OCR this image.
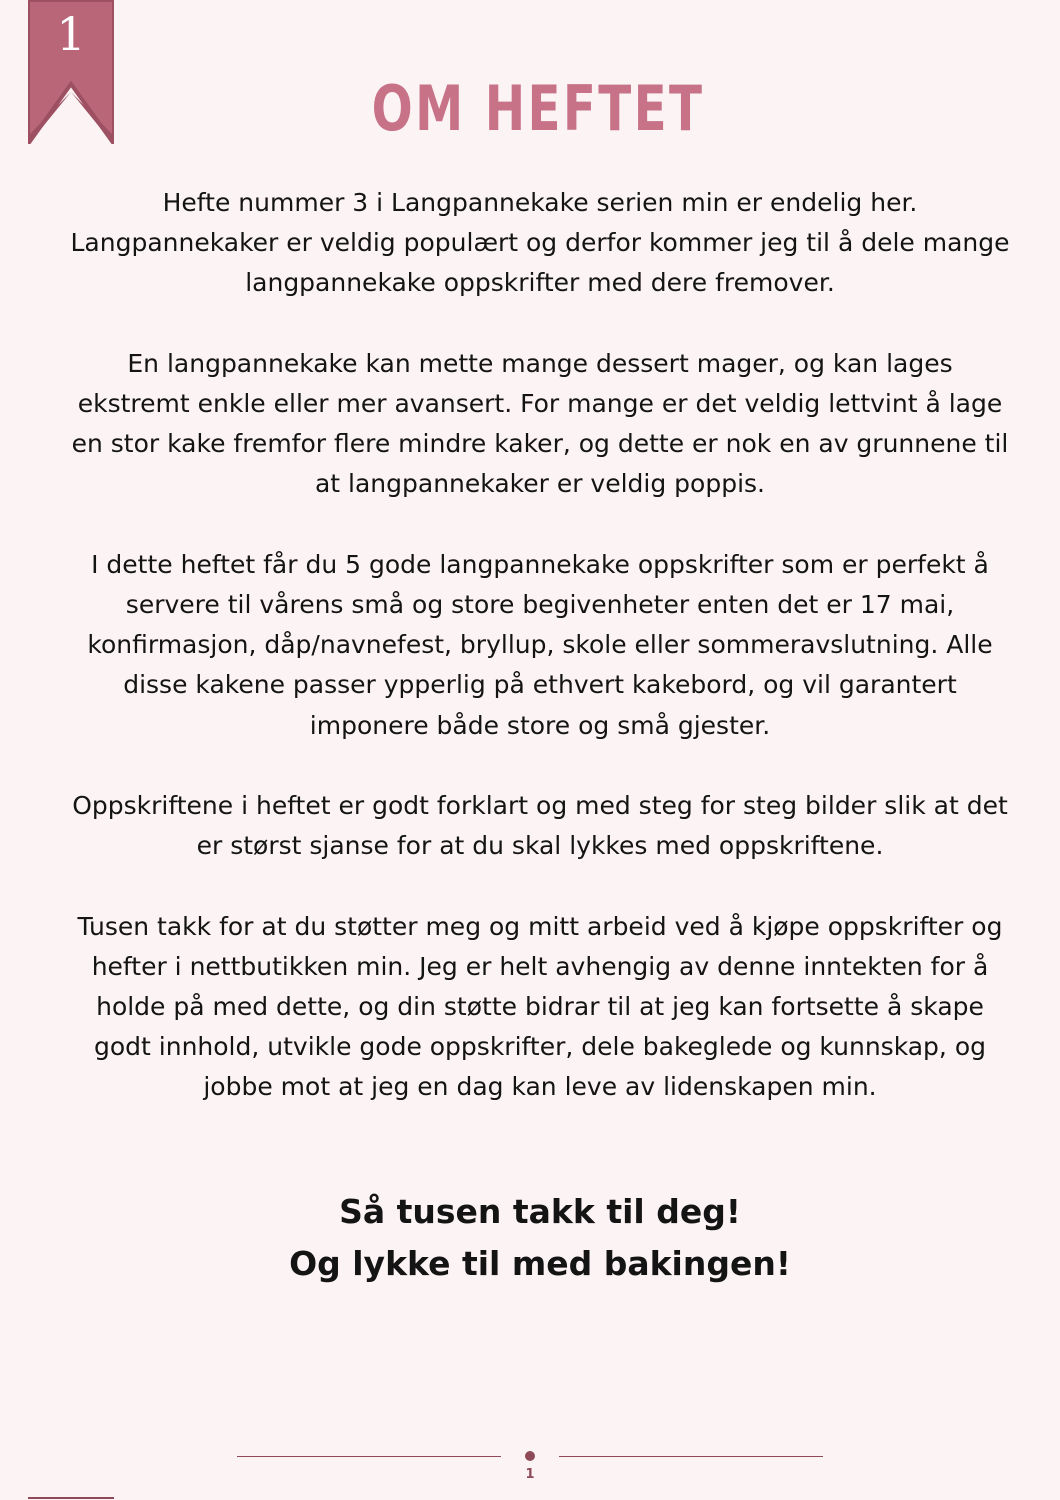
1
OM HEFTET

Hefte nummer 3 i Langpannekake serien min er endelig her. Langpannekaker er veldig populært og derfor kommer jeg til å dele mange langpannekake oppskrifter med dere fremover.

En langpannekake kan mette mange dessert mager, og kan lages ekstremt enkle eller mer avansert. For mange er det veldig lettvint å lage en stor kake fremfor flere mindre kaker, og dette er nok en av grunnene til at langpannekaker er veldig poppis.

I dette heftet får du 5 gode langpannekake oppskrifter som er perfekt å servere til vårens små og store begivenheter enten det er 17 mai, konfirmasjon, dåp/navnefest, bryllup, skole eller sommeravslutning. Alle disse kakene passer ypperlig på ethvert kakebord, og vil garantert imponere både store og små gjester.

Oppskriftene i heftet er godt forklart og med steg for steg bilder slik at det er størst sjanse for at du skal lykkes med oppskriftene.

Tusen takk for at du støtter meg og mitt arbeid ved å kjøpe oppskrifter og hefter i nettbutikken min. Jeg er helt avhengig av denne inntekten for å holde på med dette, og din støtte bidrar til at jeg kan fortsette å skape godt innhold, utvikle gode oppskrifter, dele bakeglede og kunnskap, og jobbe mot at jeg en dag kan leve av lidenskapen min.

Så tusen takk til deg!
Og lykke til med bakingen!
1
